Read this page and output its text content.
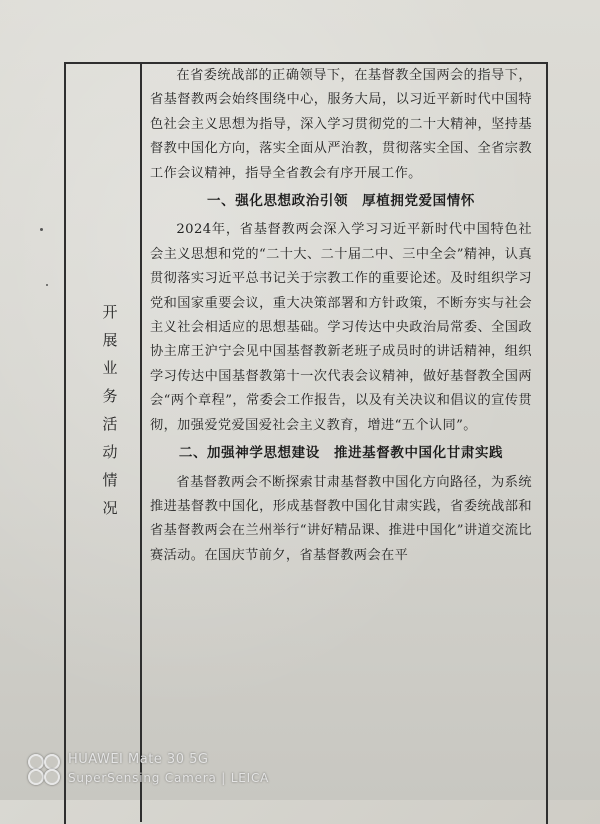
开
展
业
务
活
动
情
况

在省委统战部的正确领导下，在基督教全国两会的指导下，省基督教两会始终围绕中心，服务大局，以习近平新时代中国特色社会主义思想为指导，深入学习贯彻党的二十大精神，坚持基督教中国化方向，落实全面从严治教，贯彻落实全国、全省宗教工作会议精神，指导全省教会有序开展工作。

一、强化思想政治引领　厚植拥党爱国情怀

2024年，省基督教两会深入学习习近平新时代中国特色社会主义思想和党的“二十大、二十届二中、三中全会”精神，认真贯彻落实习近平总书记关于宗教工作的重要论述。及时组织学习党和国家重要会议，重大决策部署和方针政策，不断夯实与社会主义社会相适应的思想基础。学习传达中央政治局常委、全国政协主席王沪宁会见中国基督教新老班子成员时的讲话精神，组织学习传达中国基督教第十一次代表会议精神，做好基督教全国两会“两个章程”，常委会工作报告，以及有关决议和倡议的宣传贯彻，加强爱党爱国爱社会主义教育，增进“五个认同”。

二、加强神学思想建设　推进基督教中国化甘肃实践

省基督教两会不断探索甘肃基督教中国化方向路径，为系统推进基督教中国化，形成基督教中国化甘肃实践，省委统战部和省基督教两会在兰州举行“讲好精品课、推进中国化”讲道交流比赛活动。在国庆节前夕，省基督教两会在平

HUAWEI Mate 30 5G
SuperSensing Camera | LEICA
